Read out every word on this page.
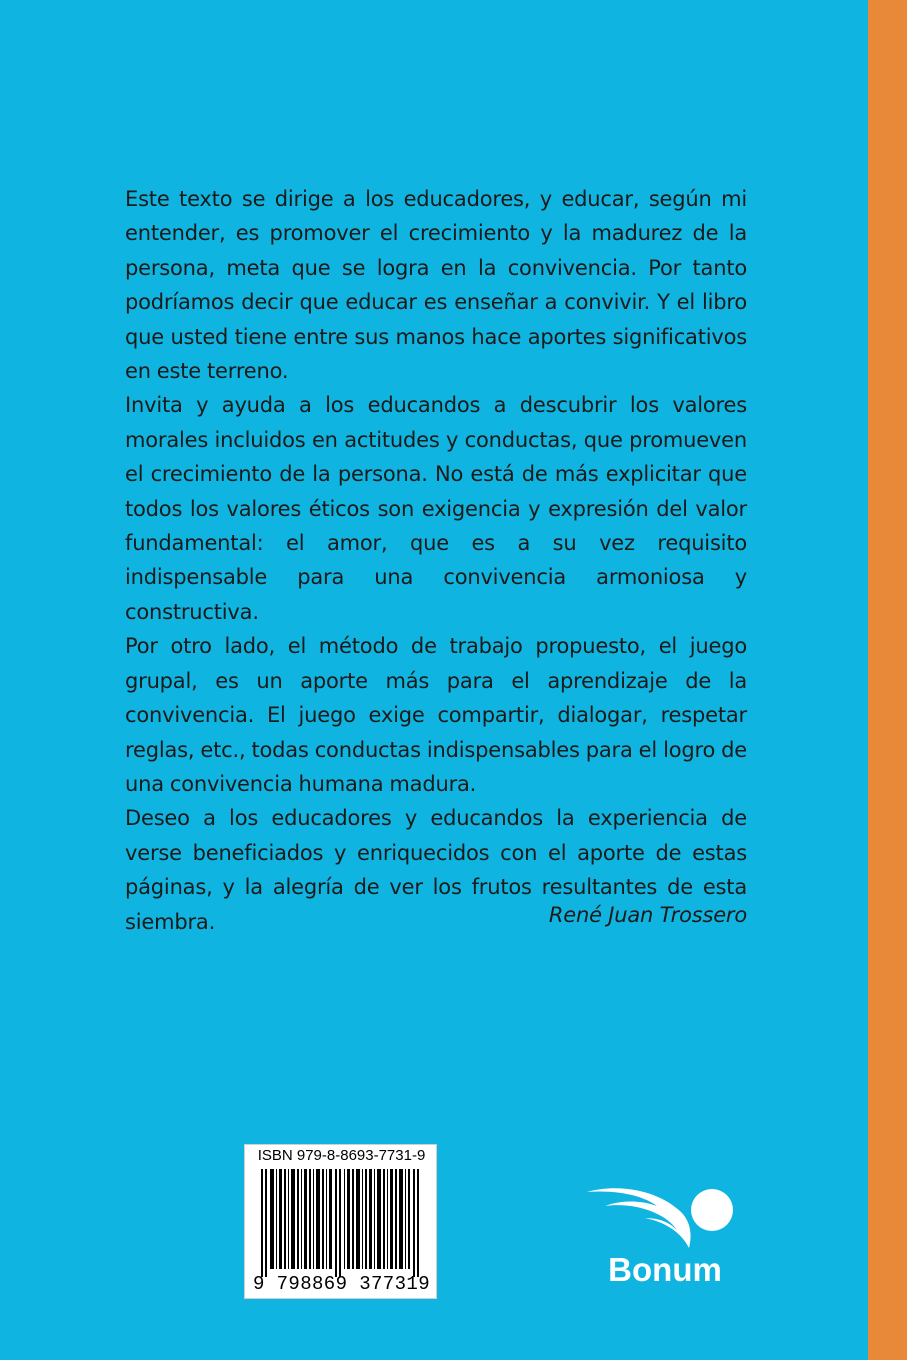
Este texto se dirige a los educadores, y educar, según mi entender, es promover el crecimiento y la madurez de la persona, meta que se logra en la convivencia. Por tanto podríamos decir que educar es enseñar a convivir. Y el libro que usted tiene entre sus manos hace aportes significativos en este terreno.

Invita y ayuda a los educandos a descubrir los valores morales incluidos en actitudes y conductas, que promueven el crecimiento de la persona. No está de más explicitar que todos los valores éticos son exigencia y expresión del valor fundamental: el amor, que es a su vez requisito indispensable para una convivencia armoniosa y constructiva.

Por otro lado, el método de trabajo propuesto, el juego grupal, es un aporte más para el aprendizaje de la convivencia. El juego exige compartir, dialogar, respetar reglas, etc., todas conductas indispensables para el logro de una convivencia humana madura.

Deseo a los educadores y educandos la experiencia de verse beneficiados y enriquecidos con el aporte de estas páginas, y la alegría de ver los frutos resultantes de esta siembra.	René Juan Trossero
ISBN 979-8-8693-7731-9
9 798869 377319	Bonum
